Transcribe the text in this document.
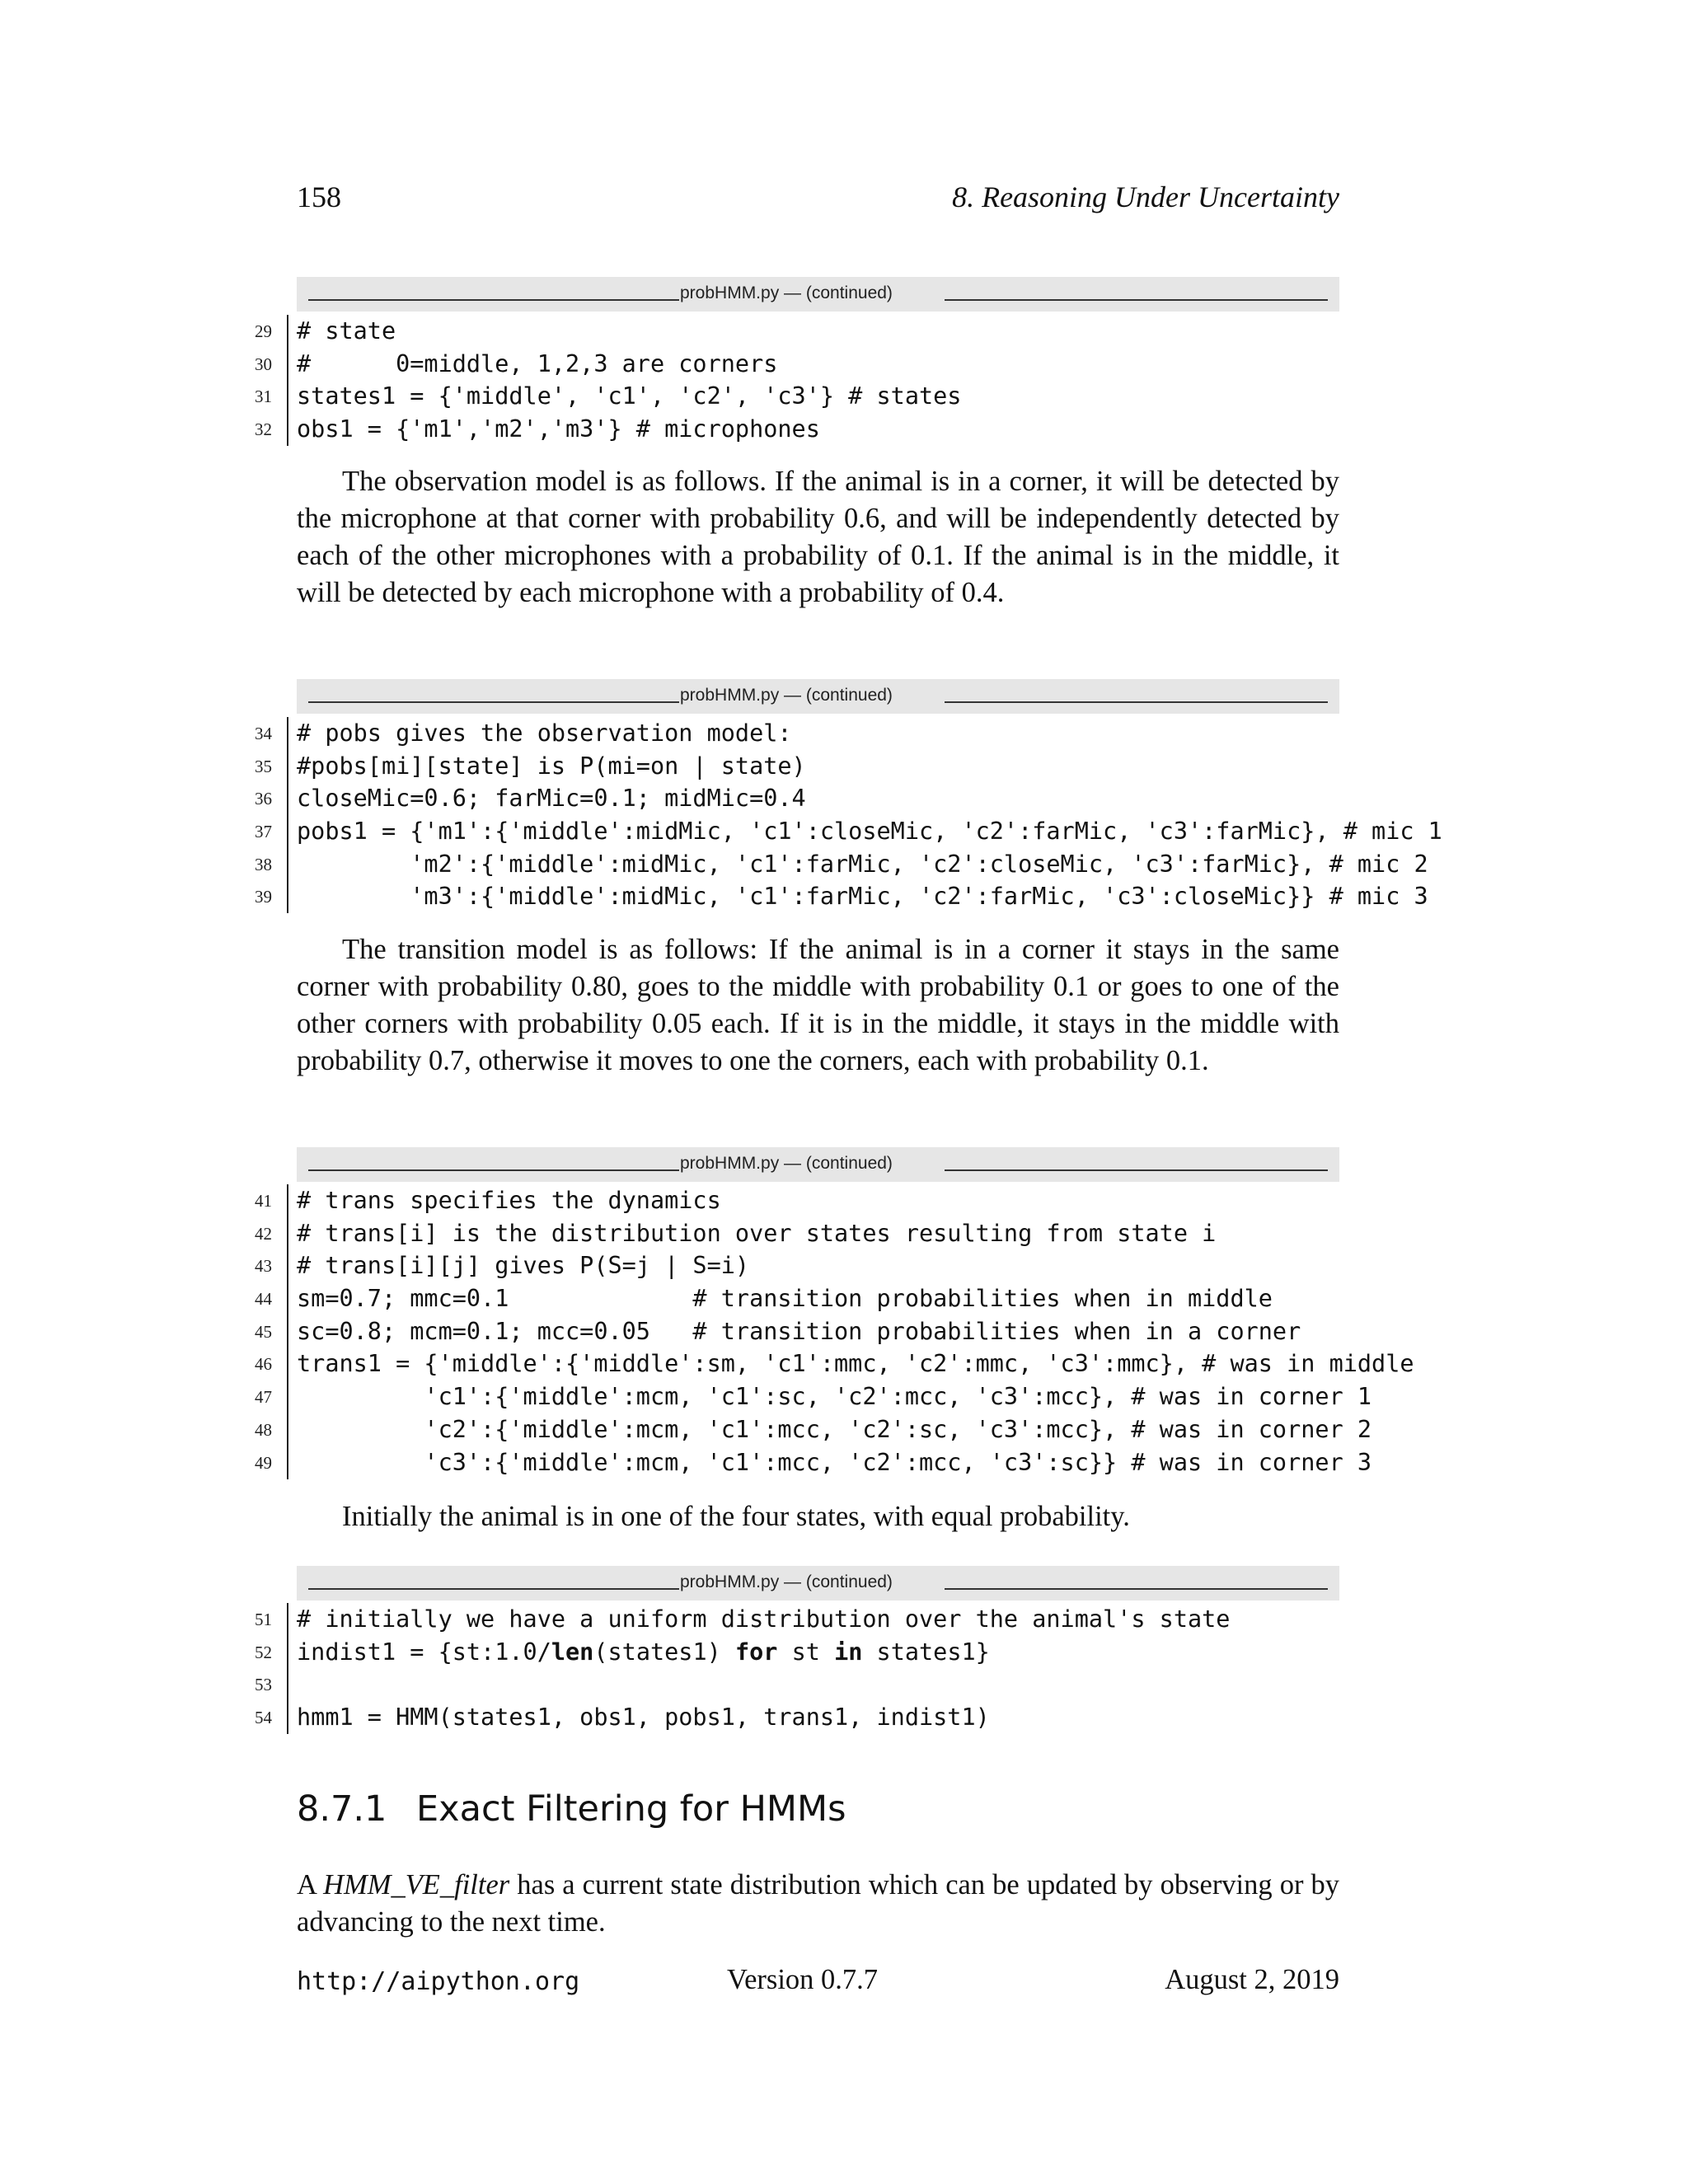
158	8. Reasoning Under Uncertainty
probHMM.py — (continued)
29 # state
30 #      0=middle, 1,2,3 are corners
31 states1 = {'middle', 'c1', 'c2', 'c3'} # states
32 obs1 = {'m1','m2','m3'} # microphones

The observation model is as follows. If the animal is in a corner, it will be detected by the microphone at that corner with probability 0.6, and will be independently detected by each of the other microphones with a probability of 0.1. If the animal is in the middle, it will be detected by each microphone with a probability of 0.4.

probHMM.py — (continued)
34 # pobs gives the observation model:
35 #pobs[mi][state] is P(mi=on | state)
36 closeMic=0.6; farMic=0.1; midMic=0.4
37 pobs1 = {'m1':{'middle':midMic, 'c1':closeMic, 'c2':farMic, 'c3':farMic}, # mic 1
38 'm2':{'middle':midMic, 'c1':farMic, 'c2':closeMic, 'c3':farMic}, # mic 2
39 'm3':{'middle':midMic, 'c1':farMic, 'c2':farMic, 'c3':closeMic}} # mic 3

The transition model is as follows: If the animal is in a corner it stays in the same corner with probability 0.80, goes to the middle with probability 0.1 or goes to one of the other corners with probability 0.05 each. If it is in the middle, it stays in the middle with probability 0.7, otherwise it moves to one the corners, each with probability 0.1.

probHMM.py — (continued)
41 # trans specifies the dynamics
42 # trans[i] is the distribution over states resulting from state i
43 # trans[i][j] gives P(S=j | S=i)
44 sm=0.7; mmc=0.1             # transition probabilities when in middle
45 sc=0.8; mcm=0.1; mcc=0.05   # transition probabilities when in a corner
46 trans1 = {'middle':{'middle':sm, 'c1':mmc, 'c2':mmc, 'c3':mmc}, # was in middle
47 'c1':{'middle':mcm, 'c1':sc, 'c2':mcc, 'c3':mcc}, # was in corner 1
48 'c2':{'middle':mcm, 'c1':mcc, 'c2':sc, 'c3':mcc}, # was in corner 2
49 'c3':{'middle':mcm, 'c1':mcc, 'c2':mcc, 'c3':sc}} # was in corner 3

Initially the animal is in one of the four states, with equal probability.

probHMM.py — (continued)
51 # initially we have a uniform distribution over the animal's state
52 indist1 = {st:1.0/len(states1) for st in states1}
53
54 hmm1 = HMM(states1, obs1, pobs1, trans1, indist1)
8.7.1 Exact Filtering for HMMs

A HMM_VE_filter has a current state distribution which can be updated by observing or by advancing to the next time.

http://aipython.org	Version 0.7.7	August 2, 2019
